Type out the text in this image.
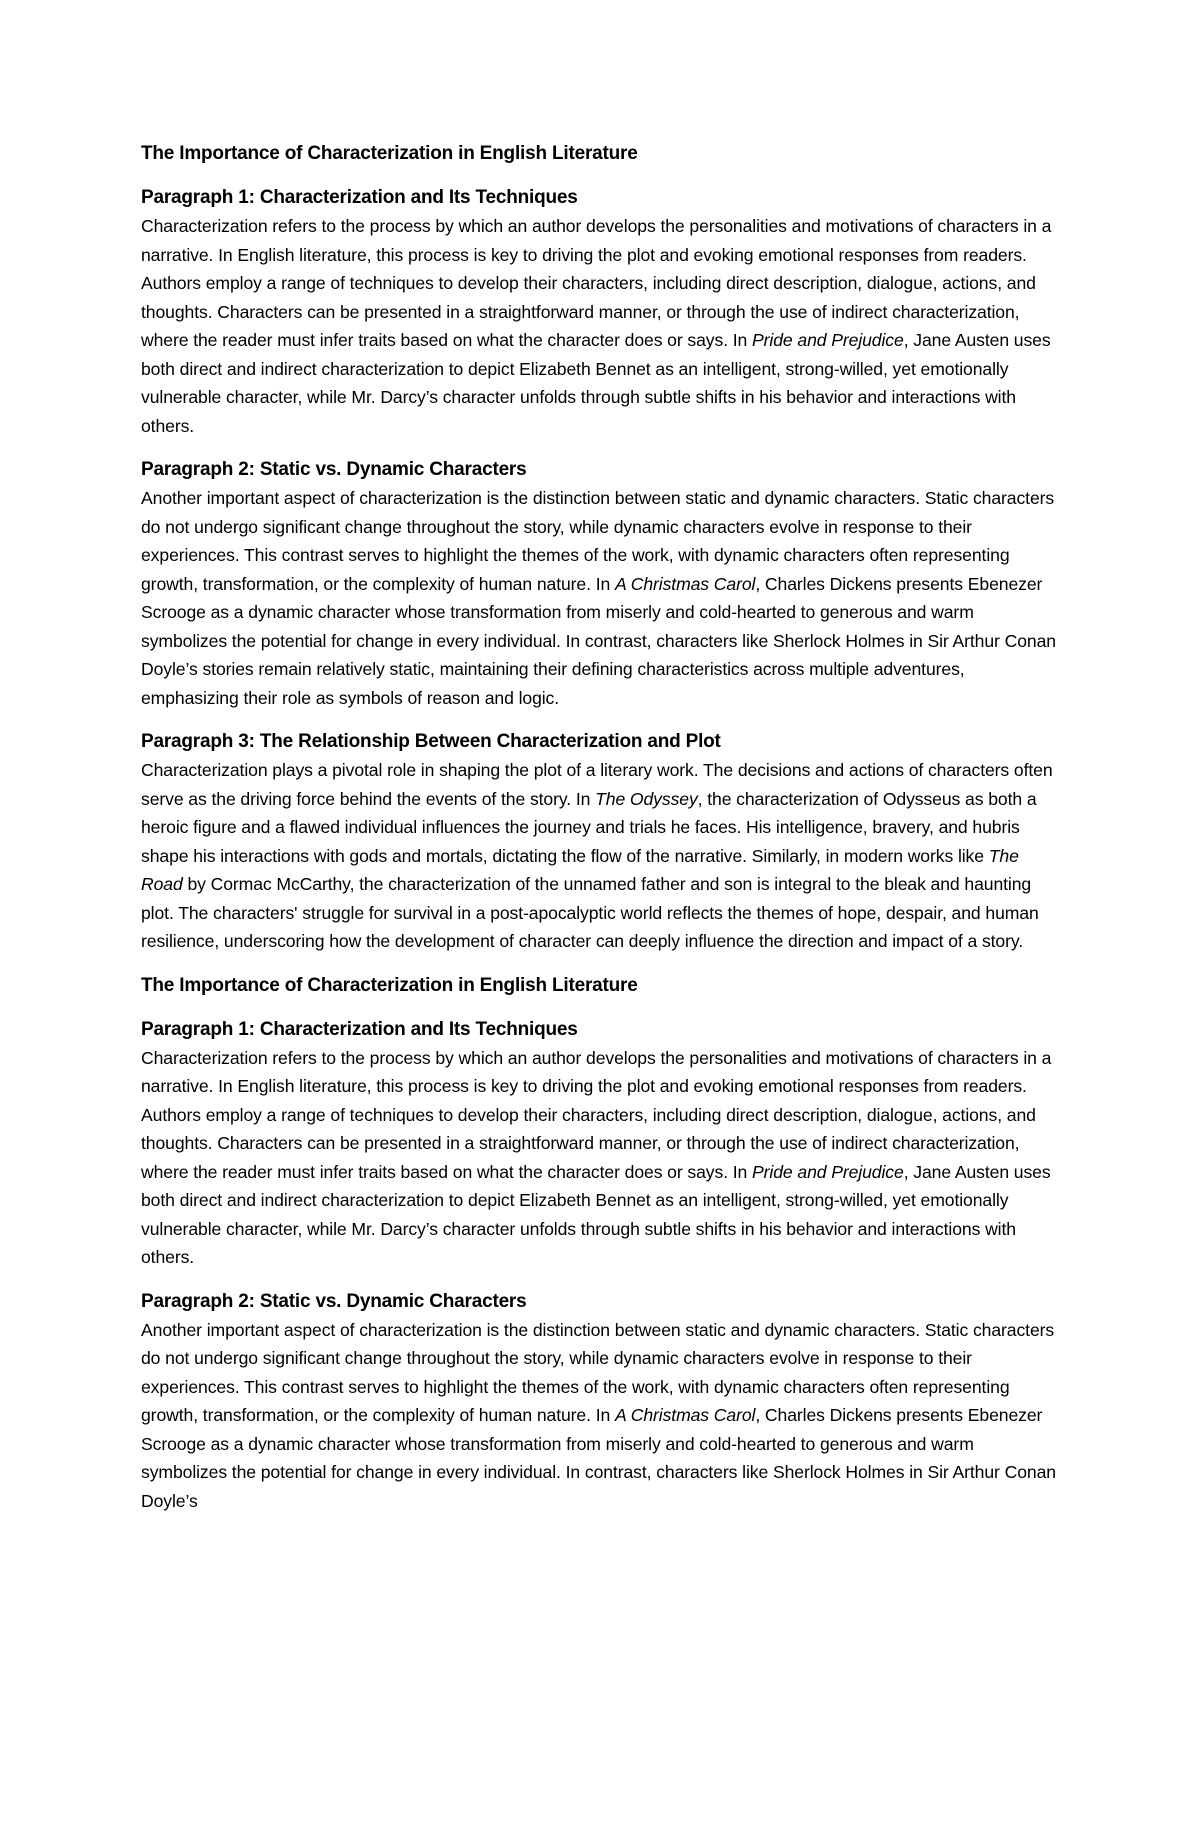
The Importance of Characterization in English Literature
Paragraph 1: Characterization and Its Techniques

Characterization refers to the process by which an author develops the personalities and motivations of characters in a narrative. In English literature, this process is key to driving the plot and evoking emotional responses from readers. Authors employ a range of techniques to develop their characters, including direct description, dialogue, actions, and thoughts. Characters can be presented in a straightforward manner, or through the use of indirect characterization, where the reader must infer traits based on what the character does or says. In Pride and Prejudice, Jane Austen uses both direct and indirect characterization to depict Elizabeth Bennet as an intelligent, strong-willed, yet emotionally vulnerable character, while Mr. Darcy’s character unfolds through subtle shifts in his behavior and interactions with others.

Paragraph 2: Static vs. Dynamic Characters

Another important aspect of characterization is the distinction between static and dynamic characters. Static characters do not undergo significant change throughout the story, while dynamic characters evolve in response to their experiences. This contrast serves to highlight the themes of the work, with dynamic characters often representing growth, transformation, or the complexity of human nature. In A Christmas Carol, Charles Dickens presents Ebenezer Scrooge as a dynamic character whose transformation from miserly and cold-hearted to generous and warm symbolizes the potential for change in every individual. In contrast, characters like Sherlock Holmes in Sir Arthur Conan Doyle’s stories remain relatively static, maintaining their defining characteristics across multiple adventures, emphasizing their role as symbols of reason and logic.

Paragraph 3: The Relationship Between Characterization and Plot

Characterization plays a pivotal role in shaping the plot of a literary work. The decisions and actions of characters often serve as the driving force behind the events of the story. In The Odyssey, the characterization of Odysseus as both a heroic figure and a flawed individual influences the journey and trials he faces. His intelligence, bravery, and hubris shape his interactions with gods and mortals, dictating the flow of the narrative. Similarly, in modern works like The Road by Cormac McCarthy, the characterization of the unnamed father and son is integral to the bleak and haunting plot. The characters' struggle for survival in a post-apocalyptic world reflects the themes of hope, despair, and human resilience, underscoring how the development of character can deeply influence the direction and impact of a story.

The Importance of Characterization in English Literature
Paragraph 1: Characterization and Its Techniques

Characterization refers to the process by which an author develops the personalities and motivations of characters in a narrative. In English literature, this process is key to driving the plot and evoking emotional responses from readers. Authors employ a range of techniques to develop their characters, including direct description, dialogue, actions, and thoughts. Characters can be presented in a straightforward manner, or through the use of indirect characterization, where the reader must infer traits based on what the character does or says. In Pride and Prejudice, Jane Austen uses both direct and indirect characterization to depict Elizabeth Bennet as an intelligent, strong-willed, yet emotionally vulnerable character, while Mr. Darcy’s character unfolds through subtle shifts in his behavior and interactions with others.

Paragraph 2: Static vs. Dynamic Characters

Another important aspect of characterization is the distinction between static and dynamic characters. Static characters do not undergo significant change throughout the story, while dynamic characters evolve in response to their experiences. This contrast serves to highlight the themes of the work, with dynamic characters often representing growth, transformation, or the complexity of human nature. In A Christmas Carol, Charles Dickens presents Ebenezer Scrooge as a dynamic character whose transformation from miserly and cold-hearted to generous and warm symbolizes the potential for change in every individual. In contrast, characters like Sherlock Holmes in Sir Arthur Conan Doyle’s
